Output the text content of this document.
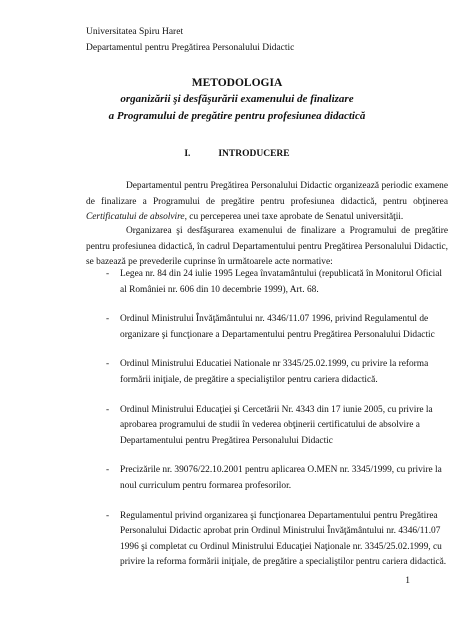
Universitatea Spiru Haret
Departamentul pentru Pregătirea Personalului Didactic
METODOLOGIA
organizării şi desfăşurării examenului de finalizare
a Programului de pregătire pentru profesiunea didactică
I.	INTRODUCERE

Departamentul pentru Pregătirea Personalului Didactic organizează periodic examene de finalizare a Programului de pregătire pentru profesiunea didactică, pentru obţinerea Certificatului de absolvire, cu perceperea unei taxe aprobate de Senatul universităţii.

Organizarea şi desfăşurarea examenului de finalizare a Programului de pregătire pentru profesiunea didactică, în cadrul Departamentului pentru Pregătirea Personalului Didactic, se bazează pe prevederile cuprinse în următoarele acte normative:

- Legea nr. 84 din 24 iulie 1995 Legea învatamântului (republicată în Monitorul Oficial al României nr. 606 din 10 decembrie 1999), Art. 68.
- Ordinul Ministrului Învăţământului nr. 4346/11.07 1996, privind Regulamentul de organizare şi funcţionare a Departamentului pentru Pregătirea Personalului Didactic
- Ordinul Ministrului Educatiei Nationale nr 3345/25.02.1999, cu privire la reforma formării iniţiale, de pregătire a specialiştilor pentru cariera didactică.
- Ordinul Ministrului Educaţiei şi Cercetării Nr. 4343 din 17 iunie 2005, cu privire la aprobarea programului de studii în vederea obţinerii certificatului de absolvire a Departamentului pentru Pregătirea Personalului Didactic
- Precizările nr. 39076/22.10.2001 pentru aplicarea O.MEN nr. 3345/1999, cu privire la noul curriculum pentru formarea profesorilor.
- Regulamentul privind organizarea şi funcţionarea Departamentului pentru Pregătirea Personalului Didactic aprobat prin Ordinul Ministrului Învăţământului nr. 4346/11.07 1996 şi completat cu Ordinul Ministrului Educaţiei Naţionale nr. 3345/25.02.1999, cu privire la reforma formării iniţiale, de pregătire a specialiştilor pentru cariera didactică.
1
